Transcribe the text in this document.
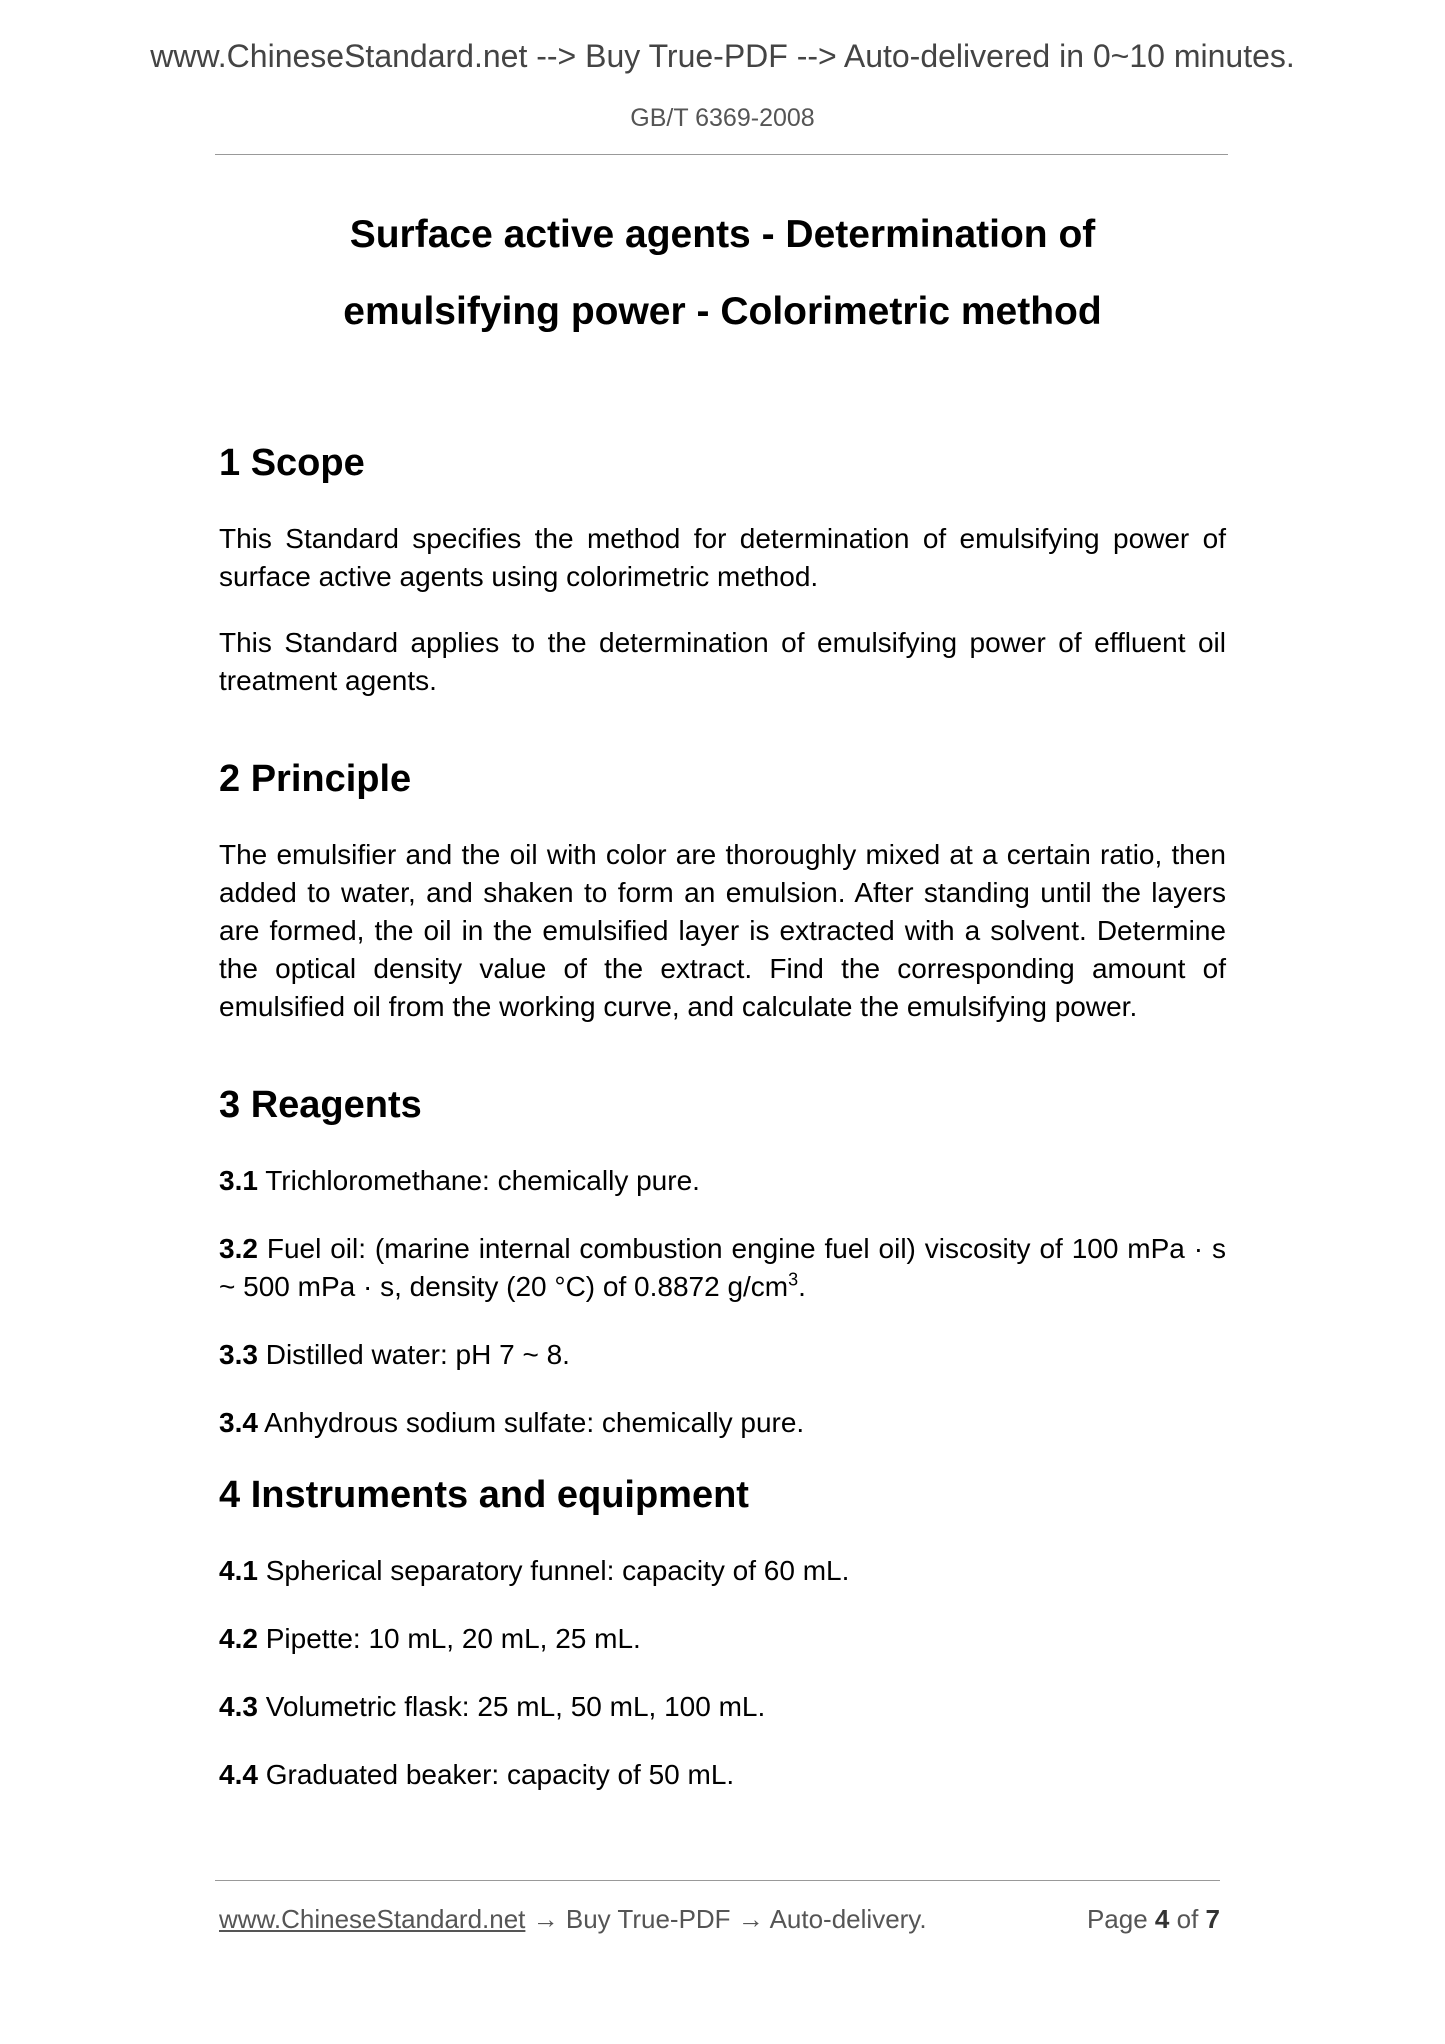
www.ChineseStandard.net --> Buy True-PDF --> Auto-delivered in 0~10 minutes.
GB/T 6369-2008
Surface active agents - Determination of
emulsifying power - Colorimetric method
1 Scope

This Standard specifies the method for determination of emulsifying power of surface active agents using colorimetric method.

This Standard applies to the determination of emulsifying power of effluent oil treatment agents.

2 Principle

The emulsifier and the oil with color are thoroughly mixed at a certain ratio, then added to water, and shaken to form an emulsion. After standing until the layers are formed, the oil in the emulsified layer is extracted with a solvent. Determine the optical density value of the extract. Find the corresponding amount of emulsified oil from the working curve, and calculate the emulsifying power.

3 Reagents

3.1 Trichloromethane: chemically pure.

3.2 Fuel oil: (marine internal combustion engine fuel oil) viscosity of 100 mPa · s ~ 500 mPa · s, density (20 °C) of 0.8872 $g/cm^3$.

3.3 Distilled water: pH 7 ~ 8.

3.4 Anhydrous sodium sulfate: chemically pure.

4 Instruments and equipment

4.1 Spherical separatory funnel: capacity of 60 mL.

4.2 Pipette: 10 mL, 20 mL, 25 mL.

4.3 Volumetric flask: 25 mL, 50 mL, 100 mL.

4.4 Graduated beaker: capacity of 50 mL.

www.ChineseStandard.net → Buy True-PDF → Auto-delivery.	Page 4 of 7
